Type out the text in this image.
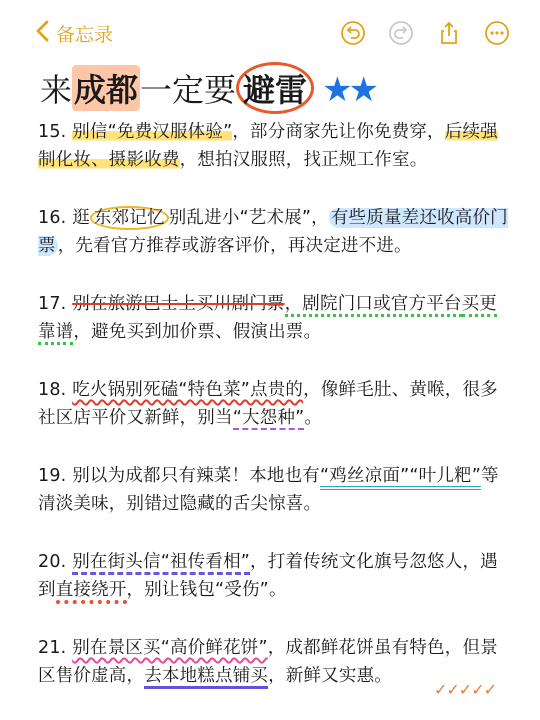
备忘录
来成都一定要 避雷 ★★

15. 别信“免费汉服体验”，部分商家先让你免费穿，后续强制化妆、摄影收费，想拍汉服照，找正规工作室。

16. 逛 东郊记忆 别乱进小“艺术展”， 有些质量差还收高价门票 ，先看官方推荐或游客评价，再决定进不进。

17. 别在旅游巴士上买川剧门票，剧院门口或官方平台买更靠谱，避免买到加价票、假演出票。

18. 吃火锅别死磕“特色菜”点贵的，像鲜毛肚、黄喉，很多社区店平价又新鲜，别当“大怨种”。

19. 别以为成都只有辣菜！本地也有“鸡丝凉面”“叶儿粑”等清淡美味，别错过隐藏的舌尖惊喜。

20. 别在街头信“祖传看相”，打着传统文化旗号忽悠人，遇到直接绕开，别让钱包“受伤”。

21. 别在景区买“高价鲜花饼”，成都鲜花饼虽有特色，但景区售价虚高，去本地糕点铺买，新鲜又实惠。

✓✓✓✓✓
